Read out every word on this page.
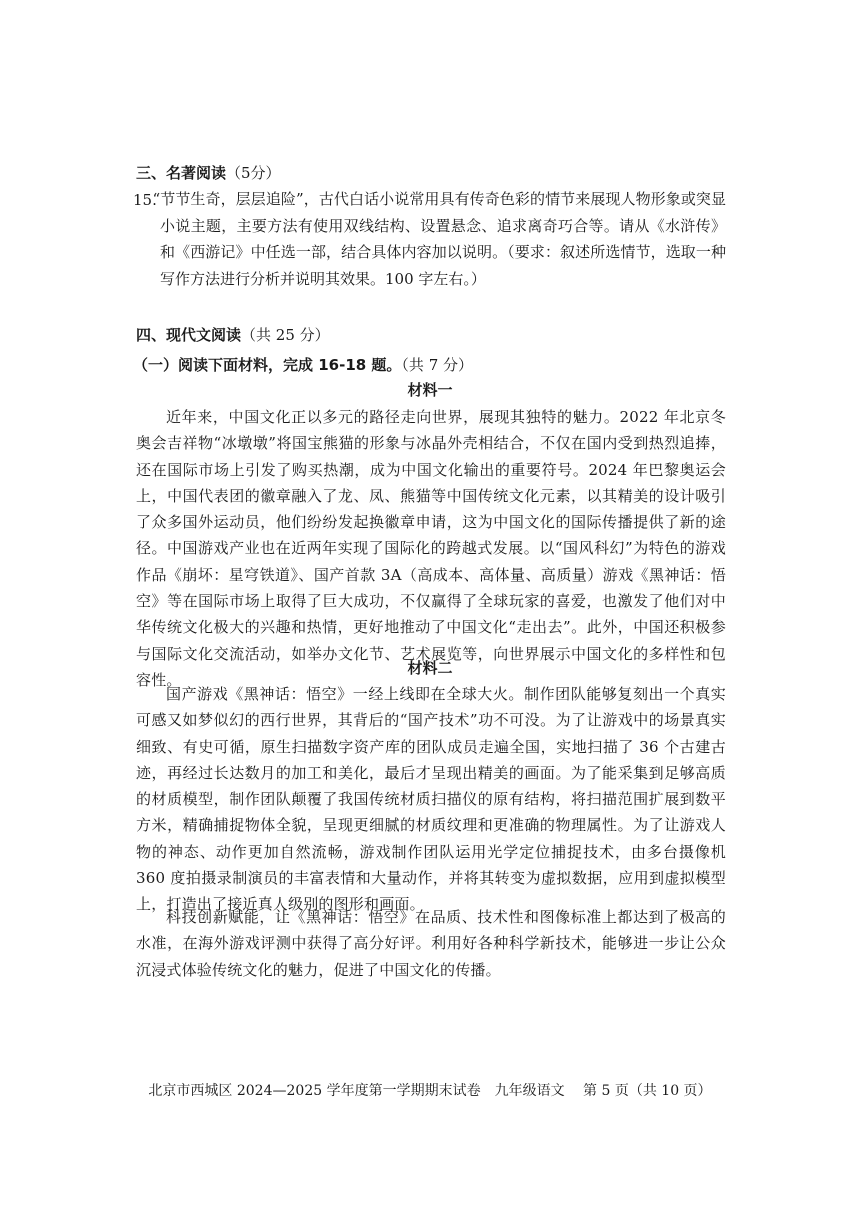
三、名著阅读（5分）
15.
“节节生奇，层层追险”，古代白话小说常用具有传奇色彩的情节来展现人物形象或突显小说主题，主要方法有使用双线结构、设置悬念、追求离奇巧合等。请从《水浒传》和《西游记》中任选一部，结合具体内容加以说明。（要求：叙述所选情节，选取一种写作方法进行分析并说明其效果。100 字左右。）
四、现代文阅读（共 25 分）
（一）阅读下面材料，完成 16-18 题。（共 7 分）
材料一
近年来，中国文化正以多元的路径走向世界，展现其独特的魅力。2022 年北京冬奥会吉祥物“冰墩墩”将国宝熊猫的形象与冰晶外壳相结合，不仅在国内受到热烈追捧，还在国际市场上引发了购买热潮，成为中国文化输出的重要符号。2024 年巴黎奥运会上，中国代表团的徽章融入了龙、凤、熊猫等中国传统文化元素，以其精美的设计吸引了众多国外运动员，他们纷纷发起换徽章申请，这为中国文化的国际传播提供了新的途径。中国游戏产业也在近两年实现了国际化的跨越式发展。以“国风科幻”为特色的游戏作品《崩坏：星穹铁道》、国产首款 3A（高成本、高体量、高质量）游戏《黑神话：悟空》等在国际市场上取得了巨大成功，不仅赢得了全球玩家的喜爱，也激发了他们对中华传统文化极大的兴趣和热情，更好地推动了中国文化“走出去”。此外，中国还积极参与国际文化交流活动，如举办文化节、艺术展览等，向世界展示中国文化的多样性和包容性。
材料二
国产游戏《黑神话：悟空》一经上线即在全球大火。制作团队能够复刻出一个真实可感又如梦似幻的西行世界，其背后的“国产技术”功不可没。为了让游戏中的场景真实细致、有史可循，原生扫描数字资产库的团队成员走遍全国，实地扫描了 36 个古建古迹，再经过长达数月的加工和美化，最后才呈现出精美的画面。为了能采集到足够高质的材质模型，制作团队颠覆了我国传统材质扫描仪的原有结构，将扫描范围扩展到数平方米，精确捕捉物体全貌，呈现更细腻的材质纹理和更准确的物理属性。为了让游戏人物的神态、动作更加自然流畅，游戏制作团队运用光学定位捕捉技术，由多台摄像机 360 度拍摄录制演员的丰富表情和大量动作，并将其转变为虚拟数据，应用到虚拟模型上，打造出了接近真人级别的图形和画面。
科技创新赋能，让《黑神话：悟空》在品质、技术性和图像标准上都达到了极高的水准，在海外游戏评测中获得了高分好评。利用好各种科学新技术，能够进一步让公众沉浸式体验传统文化的魅力，促进了中国文化的传播。
北京市西城区 2024—2025 学年度第一学期期末试卷　九年级语文　 第 5 页（共 10 页）
